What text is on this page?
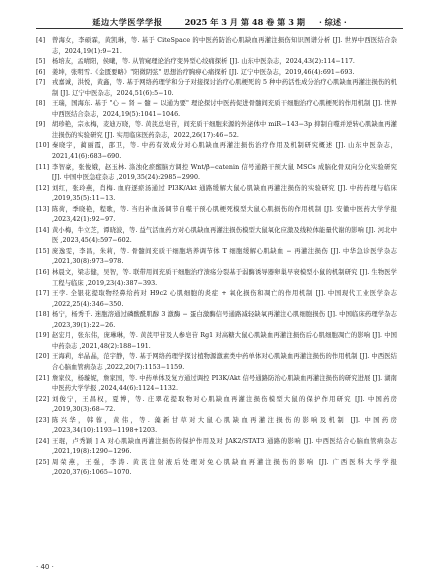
延边大学医学学报	2025 年 3 月 第 48 卷 第 3 期 · 综述 ·

[4] 曾海女，李硕霖，黄凯琳，等. 基于 CiteSpace 的中医药防治心肌缺血再灌注损伤知识图谱分析 [J]. 世界中西医结合杂志，2024,19(1):9−21.

[5] 杨培友，孟晴阳，侯曦，等. 从管窥理论治疗变异型心绞痛探析 [J]. 山东中医杂志，2024,43(2):114−117.

[6] 姜坤，张明雪.《金匮要略》"阳微阴弦" 思想治疗胸痹心痛探析 [J]. 辽宁中医杂志，2019,46(4):691−693.

[7] 戎嘉诚，洪悦，黄鑫，等. 基于网络药理学和分子对接探讨治疗心肌梗死的 5 种中药活性成分治疗心肌缺血再灌注损伤的机制 [J]. 辽宁中医杂志，2024,51(6):5−10.

[8] 王瑞，国海东. 基于 "心 − 肾 − 髓 − 以通为要" 理论探讨中医药促进骨髓间充质干细胞治疗心肌梗死的作用机制 [J]. 世界中西医结合杂志，2024,19(5):1041−1046.

[9] 胡珍艳，宗永梅，麦迪万晓，等. 黄芪总皂苷，间充质干细胞来源的外泌体中 miR−143−3p 抑制自噬并逆转心肌缺血再灌注损伤的实验研究 [J]. 实用临床医药杂志，2022,26(17):46−52.

[10] 秦晓宇，蔺丽霞，邵卫，等. 中药有效成分对心肌缺血再灌注损伤治疗作用及机制研究概述 [J]. 山东中医杂志，2021,41(6):683−690.

[11] 李智豪，张俊娥，赵玉林. 涤浊化瘀醒脑方调控 Wnt/β−catenin 信号通路干预大鼠 MSCs 成脑化骨双向分化实验研究 [J]. 中国中医急症杂志 ,2019,35(24):2985−2990.

[12] 刘红，张玲燕，肖梅. 血府逐瘀汤通过 PI3K/Akt 通路缓解大鼠心肌缺血再灌注损伤的实验研究 [J]. 中药药理与临床 ,2019,35(5):11−13.

[13] 陈荷，季晓艳，程歌，等. 当归补血汤调节自噬干预心肌梗死模型大鼠心肌损伤的作用机制 [J]. 安徽中医药大学学报 ,2023,42(1):92−97.

[14] 黄小梅，牛立芝，谭晓波，等. 益气活血药方对心肌缺血再灌注损伤模型大鼠氧化应激及线粒体能量代谢的影响 [J]. 河北中医 ,2023,45(4):597−602.

[15] 庞逸雯，李昌，朱莉，等. 骨髓间充质干细胞培养调节体 T 细胞缓解心肌缺血 − 再灌注损伤 [J]. 中华急诊医学杂志 ,2021,30(8):973−978.

[16] 林晨文，梁志健，吴智，等. 联带用间充质干细胞治疗溃疡分裂基于弱酶诱导器卵巢早衰模型小鼠的机制研究 [J]. 生物医学工程与临床 ,2019,23(4):387−393.

[17] 王孛. 全银花提取物经鼻给药对 H9c2 心肌细胞的炎症 + 氧化损伤和凋亡的作用机制 [J]. 中国现代工业医学杂志 ,2022,25(4):346−350.

[18] 杨宁，杨秀千. 迷胞溶通过磷酸酰肌醇 3 激酶 − 蛋白激酶信号通路减轻缺氧再灌注心肌细胞损伤 [J]. 中国临床药理学杂志 ,2023,39(1):22−26.

[19] 赵宏月，张东伟，庞琳琳，等. 黄芪甲苷及人参皂苷 Rg1 对高糖大鼠心肌缺血再灌注损伤后心肌细胞凋亡的影响 [J]. 中国中药杂志 ,2021,48(2):188−191.

[20] 王海莉，牟晶晶，范宇静，等. 基于网络药理学探讨植物源激素类中药单体对心肌缺血再灌注损伤的作用机制 [J]. 中西医结合心脑血管病杂志 ,2022,20(7):1153−1159.

[21] 詹家仪，杨璇妮，詹家国，等. 中药单体及复方通过调控 PI3K/Akt 信号通路防治心肌缺血再灌注损伤的研究进展 [J]. 湖南中医药大学学报 ,2024,44(6):1124−1132.

[22] 刘俊宁，王昌权，夏博，等. 庄翠花提取物对心肌缺血再灌注损伤模型大鼠的保护作用研究 [J]. 中国药房 ,2019,30(3):68−72.

[23] 陈兴华，韩蓉，黄伟，等. 藻新甘草对大鼠心肌缺血再灌注损伤的影响及机制 [J]. 中国药房 ,2023,34(10):1193−1198+1203.

[24] 王琨，卢秀颖 ] A 对心肌缺血再灌注损伤的保护作用及对 JAK2/STAT3 通路的影响 [J]. 中西医结合心脑血管病杂志 ,2021,19(8):1290−1296.

[25] 周荣燕，王强，李涛. 黄芪注射液后处理对免心肌缺血再灌注损伤的影响 [J]. 广西医科大学学报 ,2020,37(6):1065−1070.

· 40 ·
